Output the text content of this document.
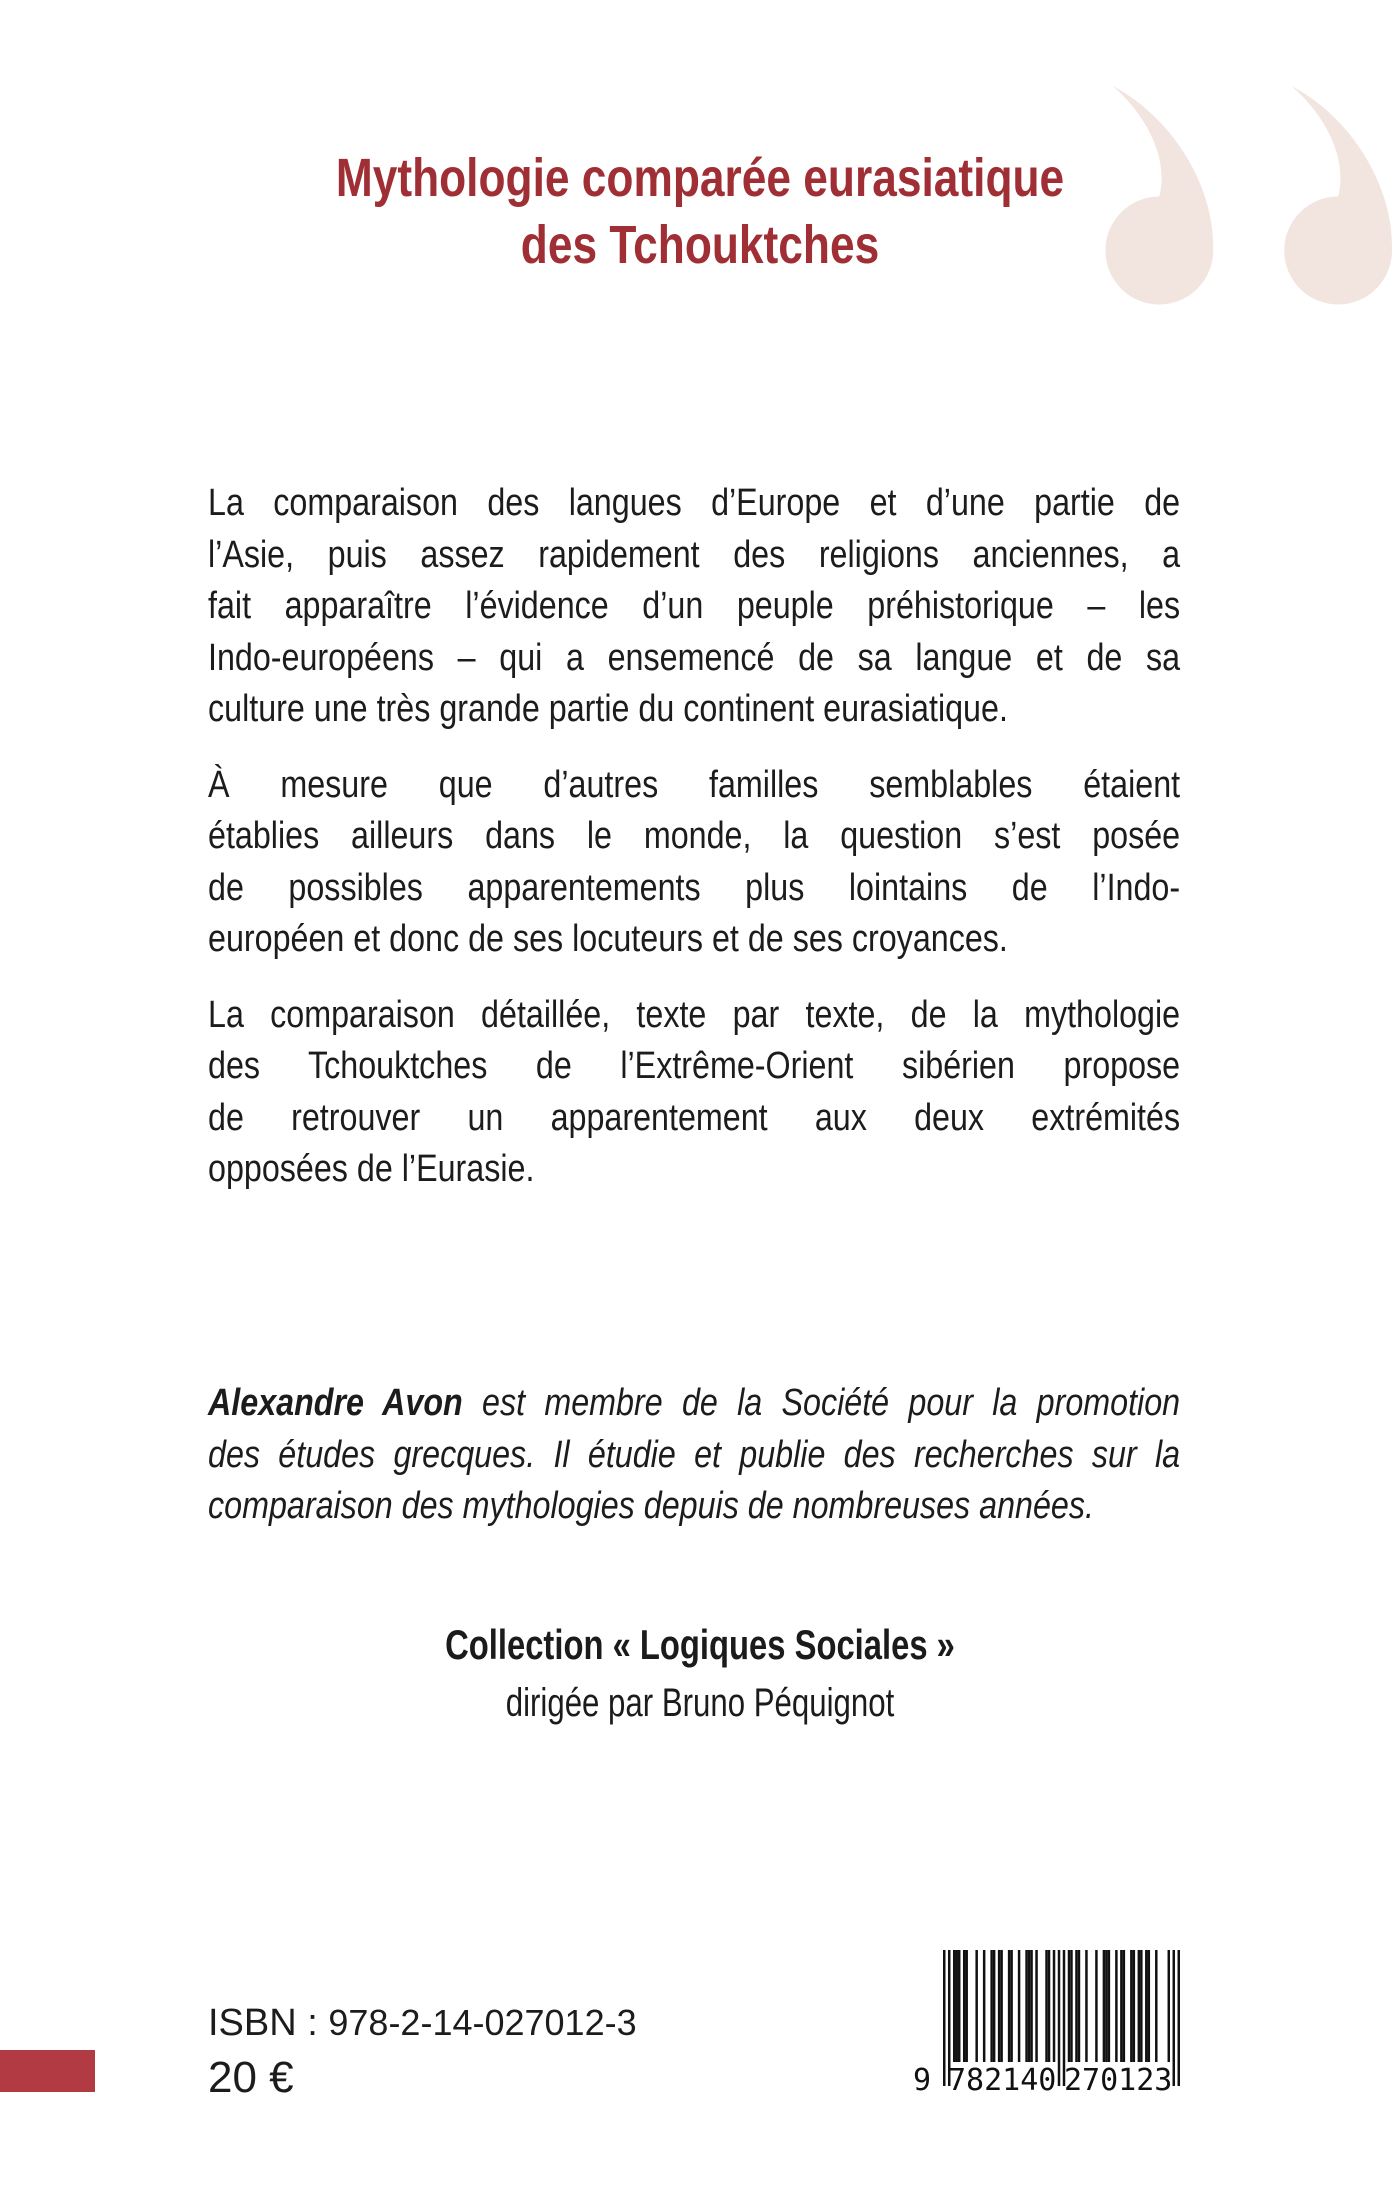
Mythologie comparée eurasiatique
des Tchouktches
La comparaison des langues d’Europe et d’une partie de
l’Asie, puis assez rapidement des religions anciennes, a
fait apparaître l’évidence d’un peuple préhistorique – les
Indo-européens – qui a ensemencé de sa langue et de sa
culture une très grande partie du continent eurasiatique.
À mesure que d’autres familles semblables étaient
établies ailleurs dans le monde, la question s’est posée
de possibles apparentements plus lointains de l’Indo-
européen et donc de ses locuteurs et de ses croyances.
La comparaison détaillée, texte par texte, de la mythologie
des Tchouktches de l’Extrême-Orient sibérien propose
de retrouver un apparentement aux deux extrémités
opposées de l’Eurasie.
Alexandre Avon est membre de la Société pour la promotion
des études grecques. Il étudie et publie des recherches sur la
comparaison des mythologies depuis de nombreuses années.
Collection « Logiques Sociales »
dirigée par Bruno Péquignot
ISBN : 978-2-14-027012-3
20 €	9 782140 270123
